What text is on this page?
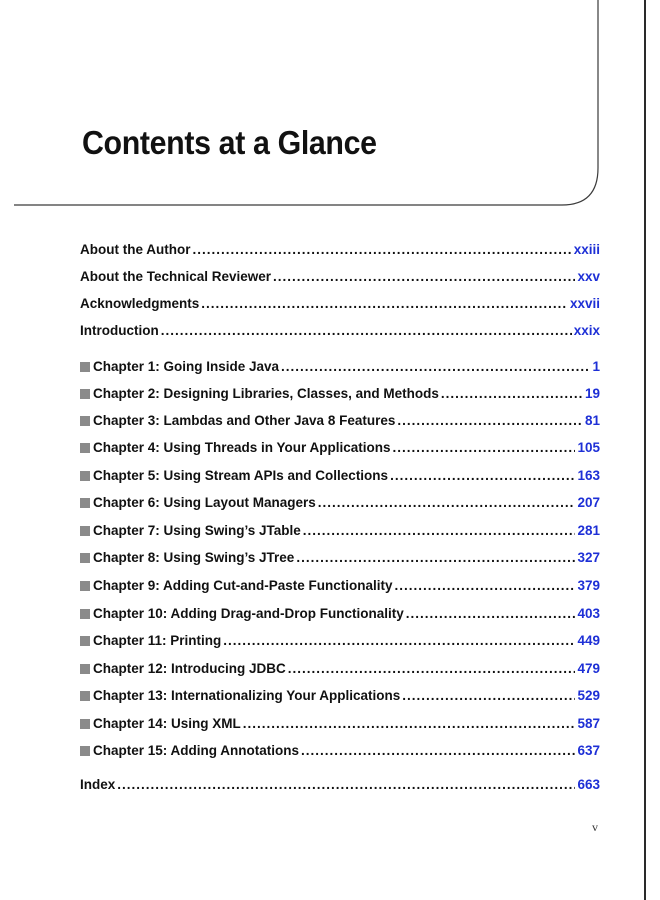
Contents at a Glance
About the Author .....	xxiii
About the Technical Reviewer .....	xxv
Acknowledgments .....	xxvii
Introduction .....	xxix
Chapter 1: Going Inside Java .....	1
Chapter 2: Designing Libraries, Classes, and Methods .....	19
Chapter 3: Lambdas and Other Java 8 Features .....	81
Chapter 4: Using Threads in Your Applications .....	105
Chapter 5: Using Stream APIs and Collections .....	163
Chapter 6: Using Layout Managers .....	207
Chapter 7: Using Swing’s JTable .....	281
Chapter 8: Using Swing’s JTree .....	327
Chapter 9: Adding Cut-and-Paste Functionality .....	379
Chapter 10: Adding Drag-and-Drop Functionality .....	403
Chapter 11: Printing .....	449
Chapter 12: Introducing JDBC .....	479
Chapter 13: Internationalizing Your Applications .....	529
Chapter 14: Using XML .....	587
Chapter 15: Adding Annotations .....	637
Index .....	663
v
